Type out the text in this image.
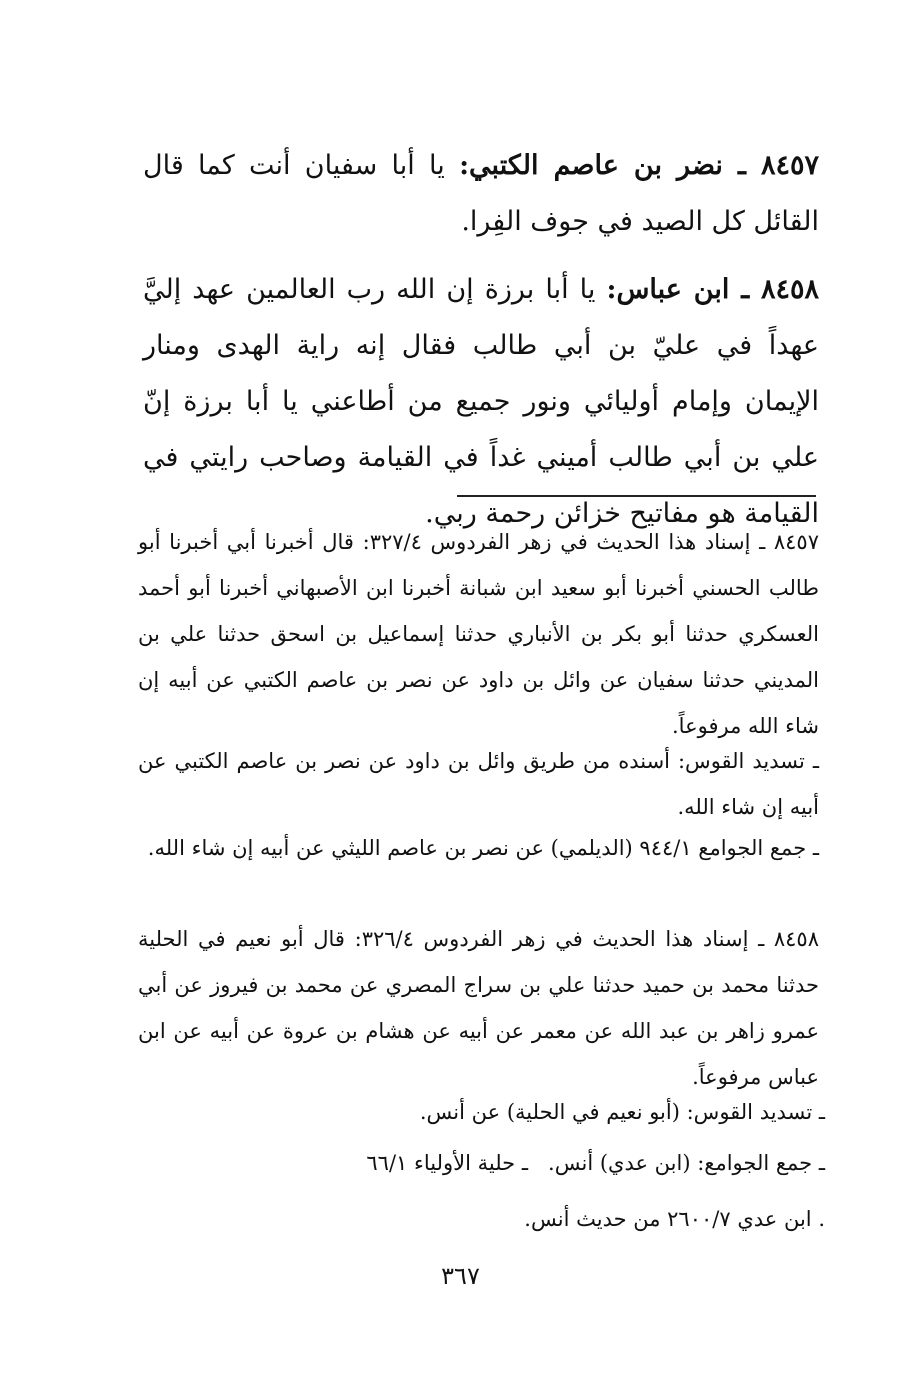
٨٤٥٧ ـ نضر بن عاصم الكتبي: يا أبا سفيان أنت كما قال القائل كل الصيد في جوف الفِرا.
٨٤٥٨ ـ ابن عباس: يا أبا برزة إن الله رب العالمين عهد إليَّ عهداً في عليّ بن أبي طالب فقال إنه راية الهدى ومنار الإيمان وإمام أوليائي ونور جميع من أطاعني يا أبا برزة إنّ علي بن أبي طالب أميني غداً في القيامة وصاحب رايتي في القيامة هو مفاتيح خزائن رحمة ربي.
٨٤٥٧ ـ إسناد هذا الحديث في زهر الفردوس ٣٢٧/٤: قال أخبرنا أبي أخبرنا أبو طالب الحسني أخبرنا أبو سعيد ابن شبانة أخبرنا ابن الأصبهاني أخبرنا أبو أحمد العسكري حدثنا أبو بكر بن الأنباري حدثنا إسماعيل بن اسحق حدثنا علي بن المديني حدثنا سفيان عن وائل بن داود عن نصر بن عاصم الكتبي عن أبيه إن شاء الله مرفوعاً.
ـ تسديد القوس: أسنده من طريق وائل بن داود عن نصر بن عاصم الكتبي عن أبيه إن شاء الله.
ـ جمع الجوامع ٩٤٤/١ (الديلمي) عن نصر بن عاصم الليثي عن أبيه إن شاء الله.
٨٤٥٨ ـ إسناد هذا الحديث في زهر الفردوس ٣٢٦/٤: قال أبو نعيم في الحلية حدثنا محمد بن حميد حدثنا علي بن سراج المصري عن محمد بن فيروز عن أبي عمرو زاهر بن عبد الله عن معمر عن أبيه عن هشام بن عروة عن أبيه عن ابن عباس مرفوعاً.
ـ تسديد القوس: (أبو نعيم في الحلية) عن أنس.
ـ جمع الجوامع: (ابن عدي) أنس.   ـ حلية الأولياء ٦٦/١
. ابن عدي ٢٦٠٠/٧ من حديث أنس.
٣٦٧
